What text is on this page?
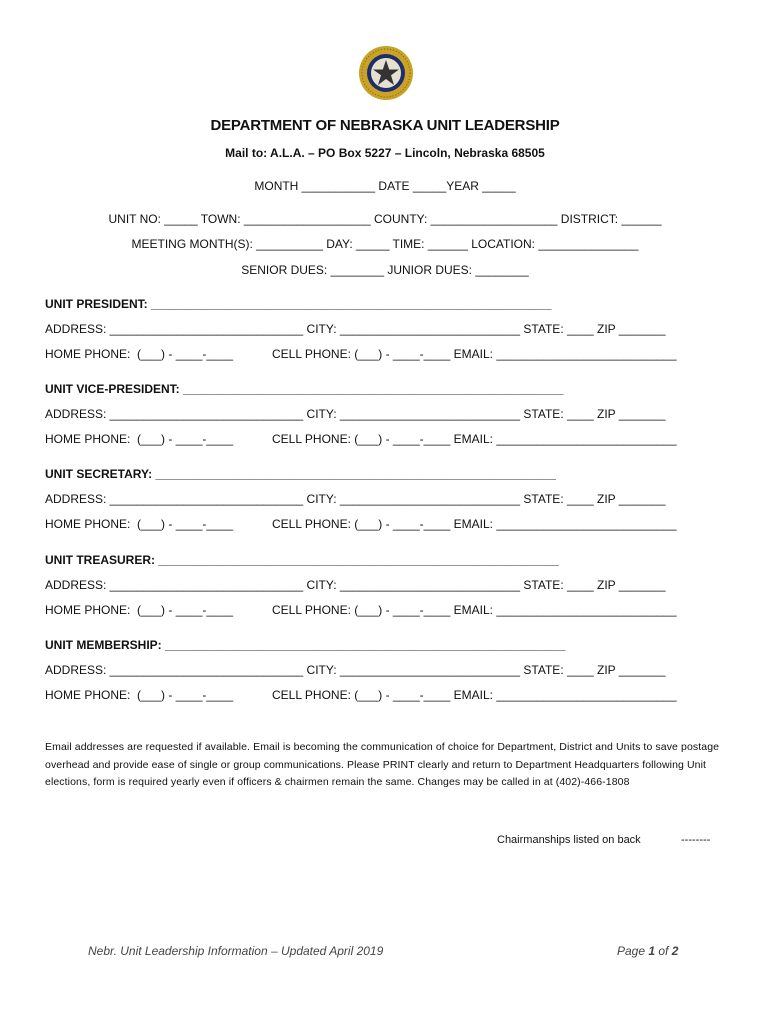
DEPARTMENT OF NEBRASKA UNIT LEADERSHIP
Mail to: A.L.A. – PO Box 5227 – Lincoln, Nebraska 68505
MONTH ___________ DATE _____YEAR _____
UNIT NO: _____ TOWN: ___________________ COUNTY: ___________________ DISTRICT: ______
MEETING MONTH(S): __________ DAY: _____ TIME: ______ LOCATION: _______________
SENIOR DUES: ________ JUNIOR DUES: ________
UNIT PRESIDENT: ____________________________________________________________
ADDRESS: _____________________________ CITY: ___________________________ STATE: ____ ZIP _______
HOME PHONE:  (___) - ____-____	CELL PHONE: (___) - ____-____ EMAIL: ___________________________
UNIT VICE-PRESIDENT: _________________________________________________________
ADDRESS: _____________________________ CITY: ___________________________ STATE: ____ ZIP _______
HOME PHONE:  (___) - ____-____	CELL PHONE: (___) - ____-____ EMAIL: ___________________________
UNIT SECRETARY: ____________________________________________________________
ADDRESS: _____________________________ CITY: ___________________________ STATE: ____ ZIP _______
HOME PHONE:  (___) - ____-____	CELL PHONE: (___) - ____-____ EMAIL: ___________________________
UNIT TREASURER: ____________________________________________________________
ADDRESS: _____________________________ CITY: ___________________________ STATE: ____ ZIP _______
HOME PHONE:  (___) - ____-____	CELL PHONE: (___) - ____-____ EMAIL: ___________________________
UNIT MEMBERSHIP: ____________________________________________________________
ADDRESS: _____________________________ CITY: ___________________________ STATE: ____ ZIP _______
HOME PHONE:  (___) - ____-____	CELL PHONE: (___) - ____-____ EMAIL: ___________________________
Email addresses are requested if available. Email is becoming the communication of choice for Department, District and Units to save postage overhead and provide ease of single or group communications. Please PRINT clearly and return to Department Headquarters following Unit elections, form is required yearly even if officers & chairmen remain the same. Changes may be called in at (402)-466-1808
Chairmanships listed on back	--------
Nebr. Unit Leadership Information – Updated April 2019	Page 1 of 2
